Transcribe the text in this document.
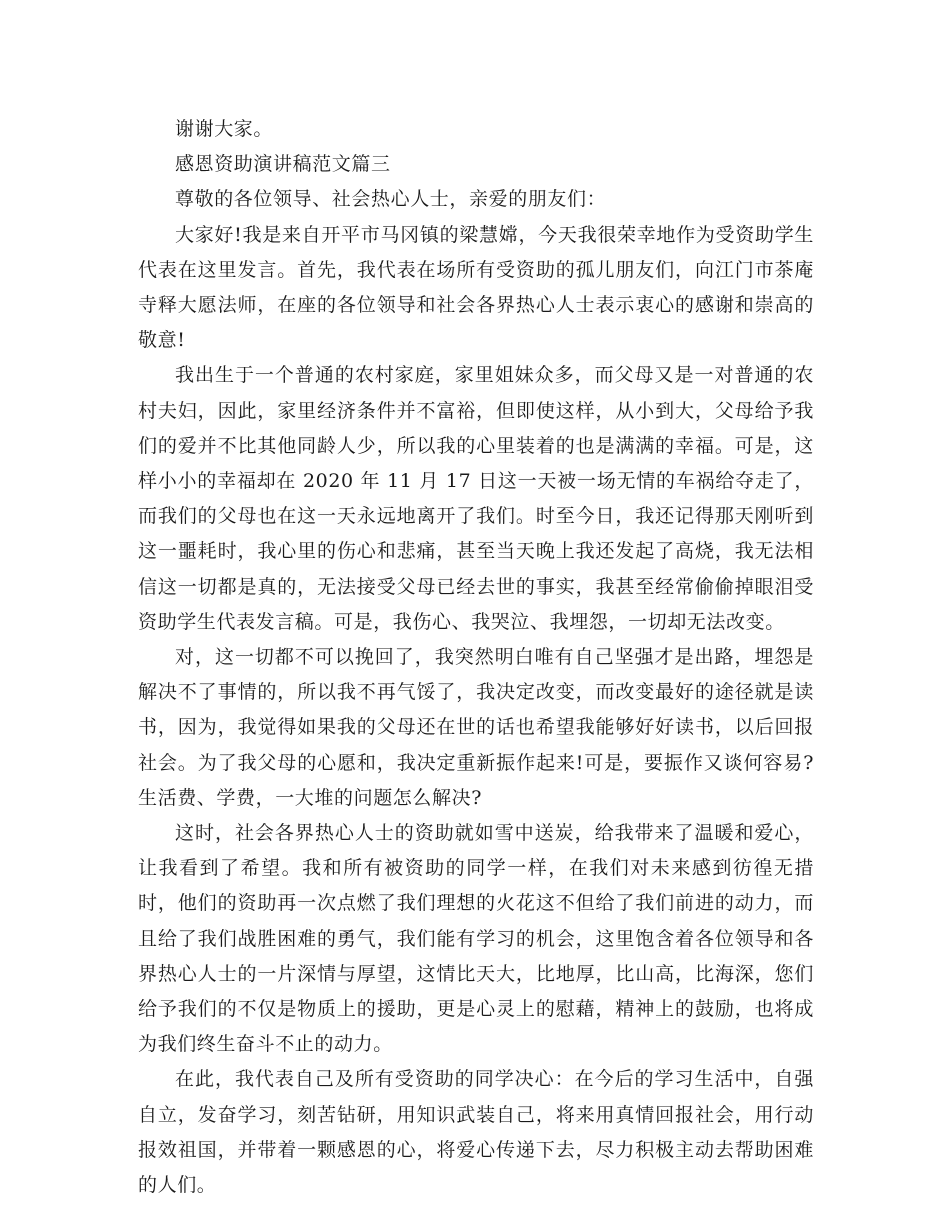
谢谢大家。

感恩资助演讲稿范文篇三

尊敬的各位领导、社会热心人士，亲爱的朋友们：

大家好!我是来自开平市马冈镇的梁慧嫦，今天我很荣幸地作为受资助学生代表在这里发言。首先，我代表在场所有受资助的孤儿朋友们，向江门市茶庵寺释大愿法师，在座的各位领导和社会各界热心人士表示衷心的感谢和崇高的敬意!

我出生于一个普通的农村家庭，家里姐妹众多，而父母又是一对普通的农村夫妇，因此，家里经济条件并不富裕，但即使这样，从小到大，父母给予我们的爱并不比其他同龄人少，所以我的心里装着的也是满满的幸福。可是，这样小小的幸福却在 2020 年 11 月 17 日这一天被一场无情的车祸给夺走了，而我们的父母也在这一天永远地离开了我们。时至今日，我还记得那天刚听到这一噩耗时，我心里的伤心和悲痛，甚至当天晚上我还发起了高烧，我无法相信这一切都是真的，无法接受父母已经去世的事实，我甚至经常偷偷掉眼泪受资助学生代表发言稿。可是，我伤心、我哭泣、我埋怨，一切却无法改变。

对，这一切都不可以挽回了，我突然明白唯有自己坚强才是出路，埋怨是解决不了事情的，所以我不再气馁了，我决定改变，而改变最好的途径就是读书，因为，我觉得如果我的父母还在世的话也希望我能够好好读书，以后回报社会。为了我父母的心愿和，我决定重新振作起来!可是，要振作又谈何容易?生活费、学费，一大堆的问题怎么解决?

这时，社会各界热心人士的资助就如雪中送炭，给我带来了温暖和爱心，让我看到了希望。我和所有被资助的同学一样，在我们对未来感到彷徨无措时，他们的资助再一次点燃了我们理想的火花这不但给了我们前进的动力，而且给了我们战胜困难的勇气，我们能有学习的机会，这里饱含着各位领导和各界热心人士的一片深情与厚望，这情比天大，比地厚，比山高，比海深，您们给予我们的不仅是物质上的援助，更是心灵上的慰藉，精神上的鼓励，也将成为我们终生奋斗不止的动力。

在此，我代表自己及所有受资助的同学决心：在今后的学习生活中，自强自立，发奋学习，刻苦钻研，用知识武装自己，将来用真情回报社会，用行动报效祖国，并带着一颗感恩的心，将爱心传递下去，尽力积极主动去帮助困难的人们。
